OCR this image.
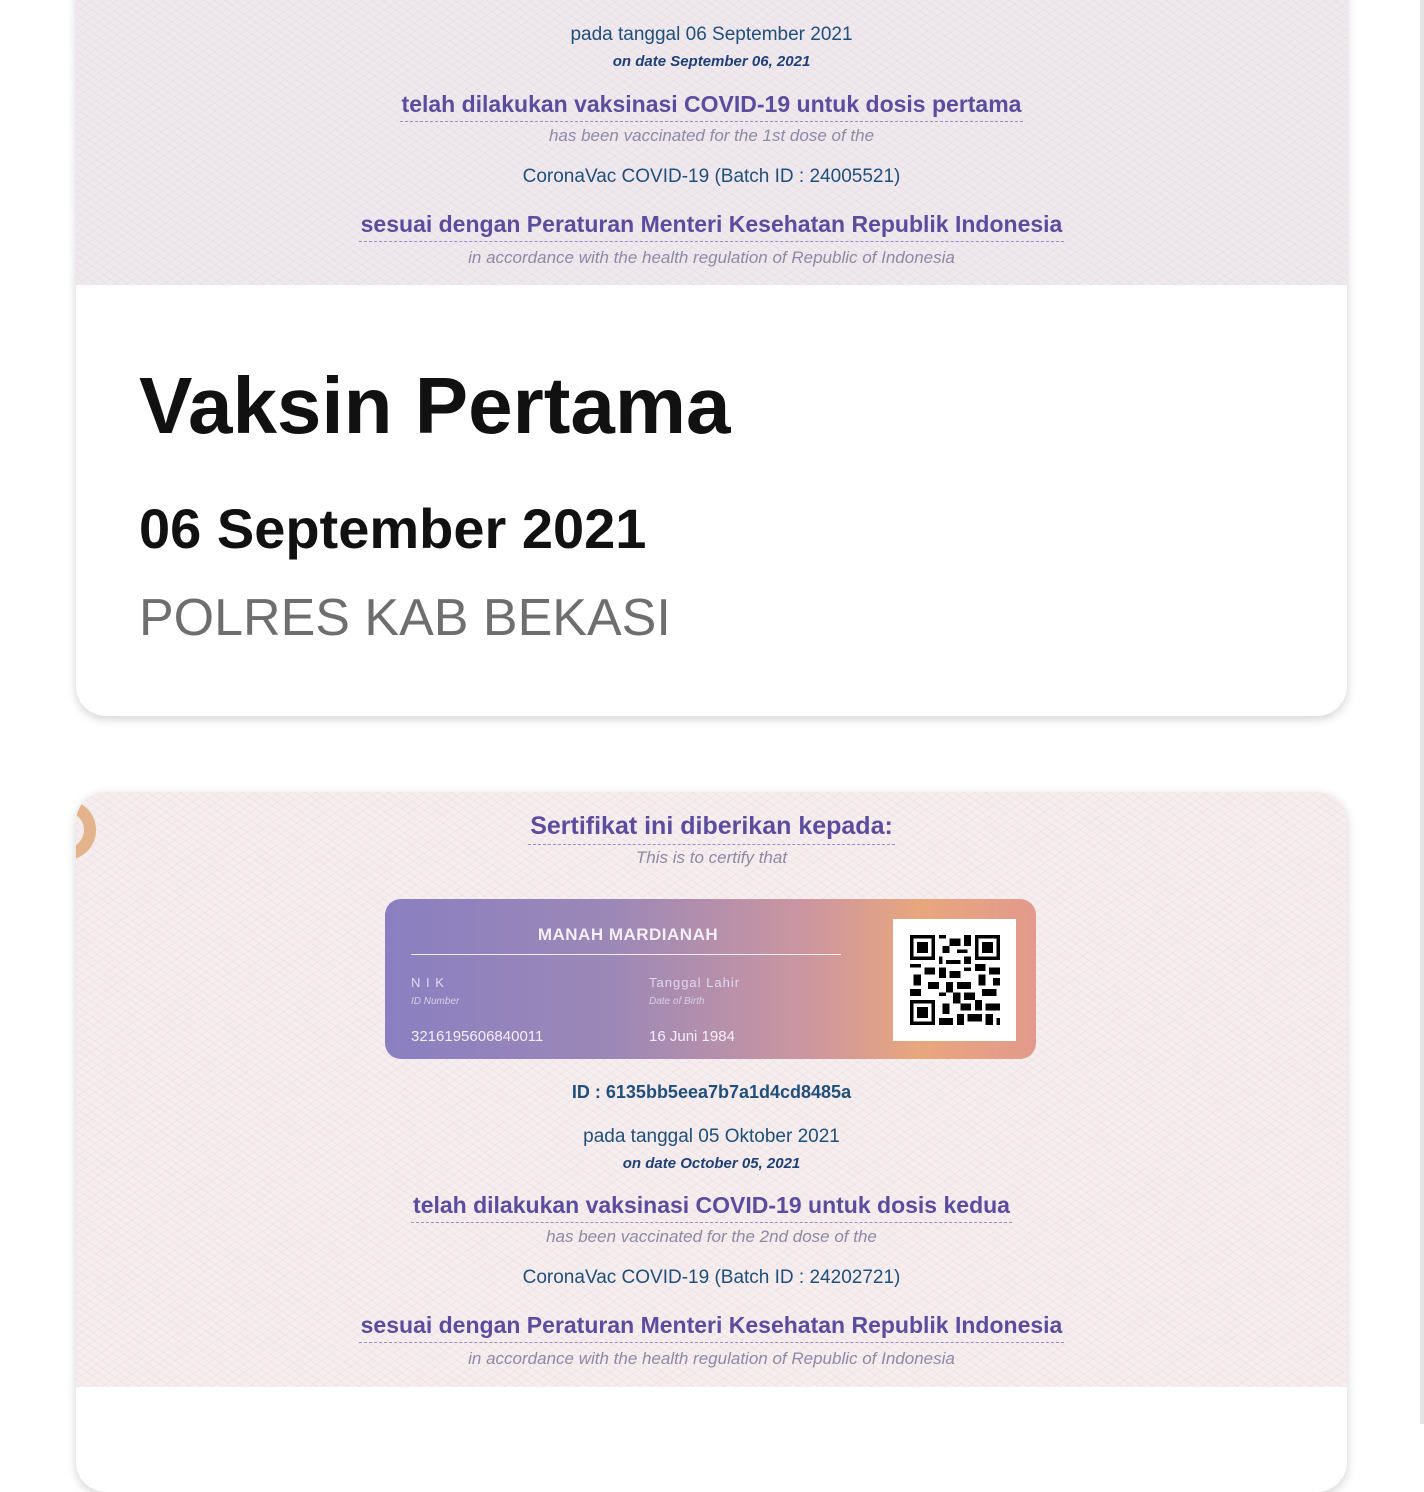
pada tanggal 06 September 2021
on date September 06, 2021
telah dilakukan vaksinasi COVID-19 untuk dosis pertama
has been vaccinated for the 1st dose of the
CoronaVac COVID-19 (Batch ID : 24005521)
sesuai dengan Peraturan Menteri Kesehatan Republik Indonesia
in accordance with the health regulation of Republic of Indonesia
Vaksin Pertama
06 September 2021
POLRES KAB BEKASI
Sertifikat ini diberikan kepada:
This is to certify that
MANAH MARDIANAH
N I K
ID Number
3216195606840011
Tanggal Lahir
Date of Birth
16 Juni 1984
ID : 6135bb5eea7b7a1d4cd8485a
pada tanggal 05 Oktober 2021
on date October 05, 2021
telah dilakukan vaksinasi COVID-19 untuk dosis kedua
has been vaccinated for the 2nd dose of the
CoronaVac COVID-19 (Batch ID : 24202721)
sesuai dengan Peraturan Menteri Kesehatan Republik Indonesia
in accordance with the health regulation of Republic of Indonesia
